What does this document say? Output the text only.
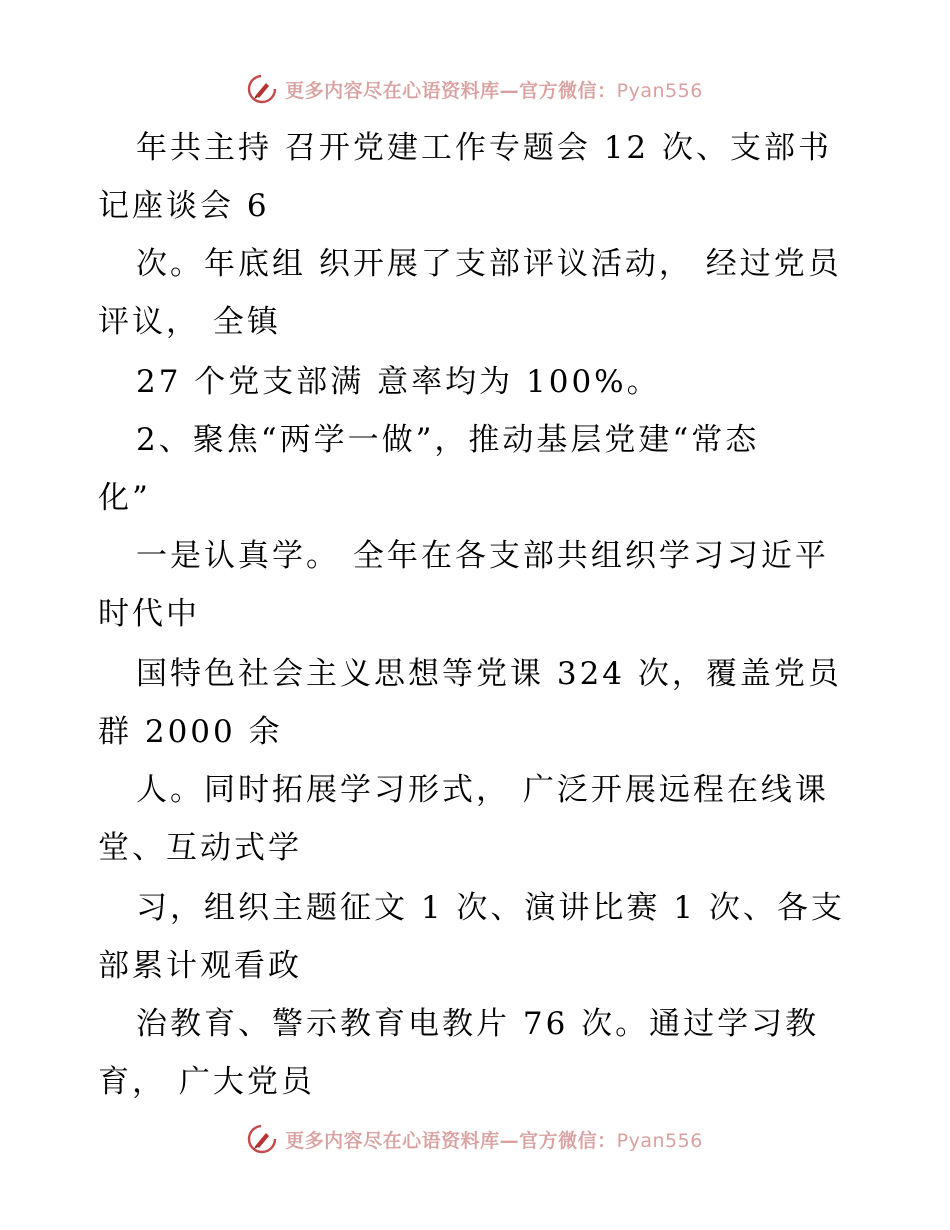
更多内容尽在心语资料库—官方微信：Pyan556
年共主持 召开党建工作专题会 12 次、支部书
记座谈会 6
次。年底组 织开展了支部评议活动， 经过党员
评议， 全镇
27 个党支部满 意率均为 100%。
2、聚焦“两学一做”，推动基层党建“常态
化”
一是认真学。 全年在各支部共组织学习习近平
时代中
国特色社会主义思想等党课 324 次，覆盖党员
群 2000 余
人。同时拓展学习形式， 广泛开展远程在线课
堂、互动式学
习，组织主题征文 1 次、演讲比赛 1 次、各支
部累计观看政
治教育、警示教育电教片 76 次。通过学习教
育， 广大党员
更多内容尽在心语资料库—官方微信：Pyan556
